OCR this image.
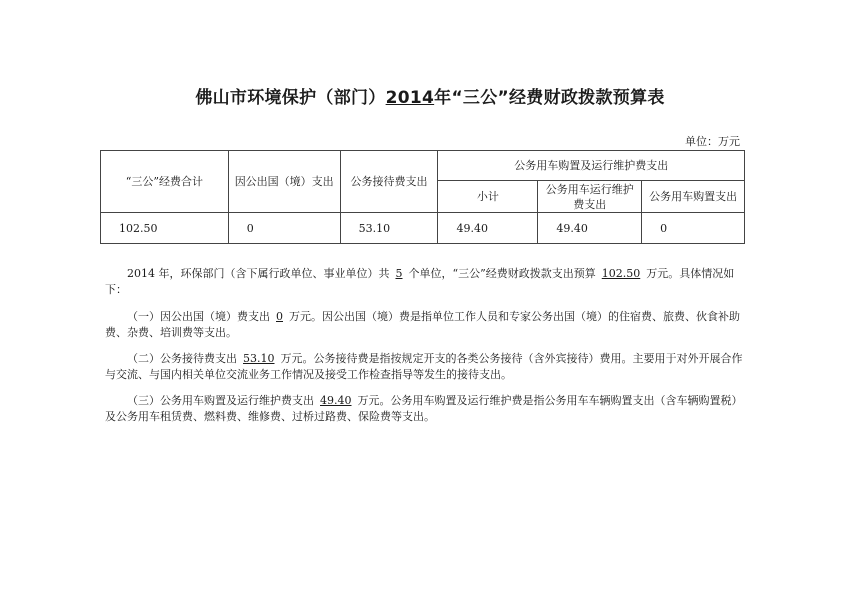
佛山市环境保护（部门）2014年“三公”经费财政拨款预算表
单位：万元
“三公”经费合计	因公出国（境）支出	公务接待费支出	公务用车购置及运行维护费支出		
			小计	公务用车运行维护费支出	公务用车购置支出
102.50	0	53.10	49.40	49.40	0
2014 年，环保部门（含下属行政单位、事业单位）共 5 个单位，“三公”经费财政拨款支出预算 102.50 万元。具体情况如下：
（一）因公出国（境）费支出 0 万元。因公出国（境）费是指单位工作人员和专家公务出国（境）的住宿费、旅费、伙食补助费、杂费、培训费等支出。
（二）公务接待费支出 53.10 万元。公务接待费是指按规定开支的各类公务接待（含外宾接待）费用。主要用于对外开展合作与交流、与国内相关单位交流业务工作情况及接受工作检查指导等发生的接待支出。
（三）公务用车购置及运行维护费支出 49.40 万元。公务用车购置及运行维护费是指公务用车车辆购置支出（含车辆购置税）及公务用车租赁费、燃料费、维修费、过桥过路费、保险费等支出。
